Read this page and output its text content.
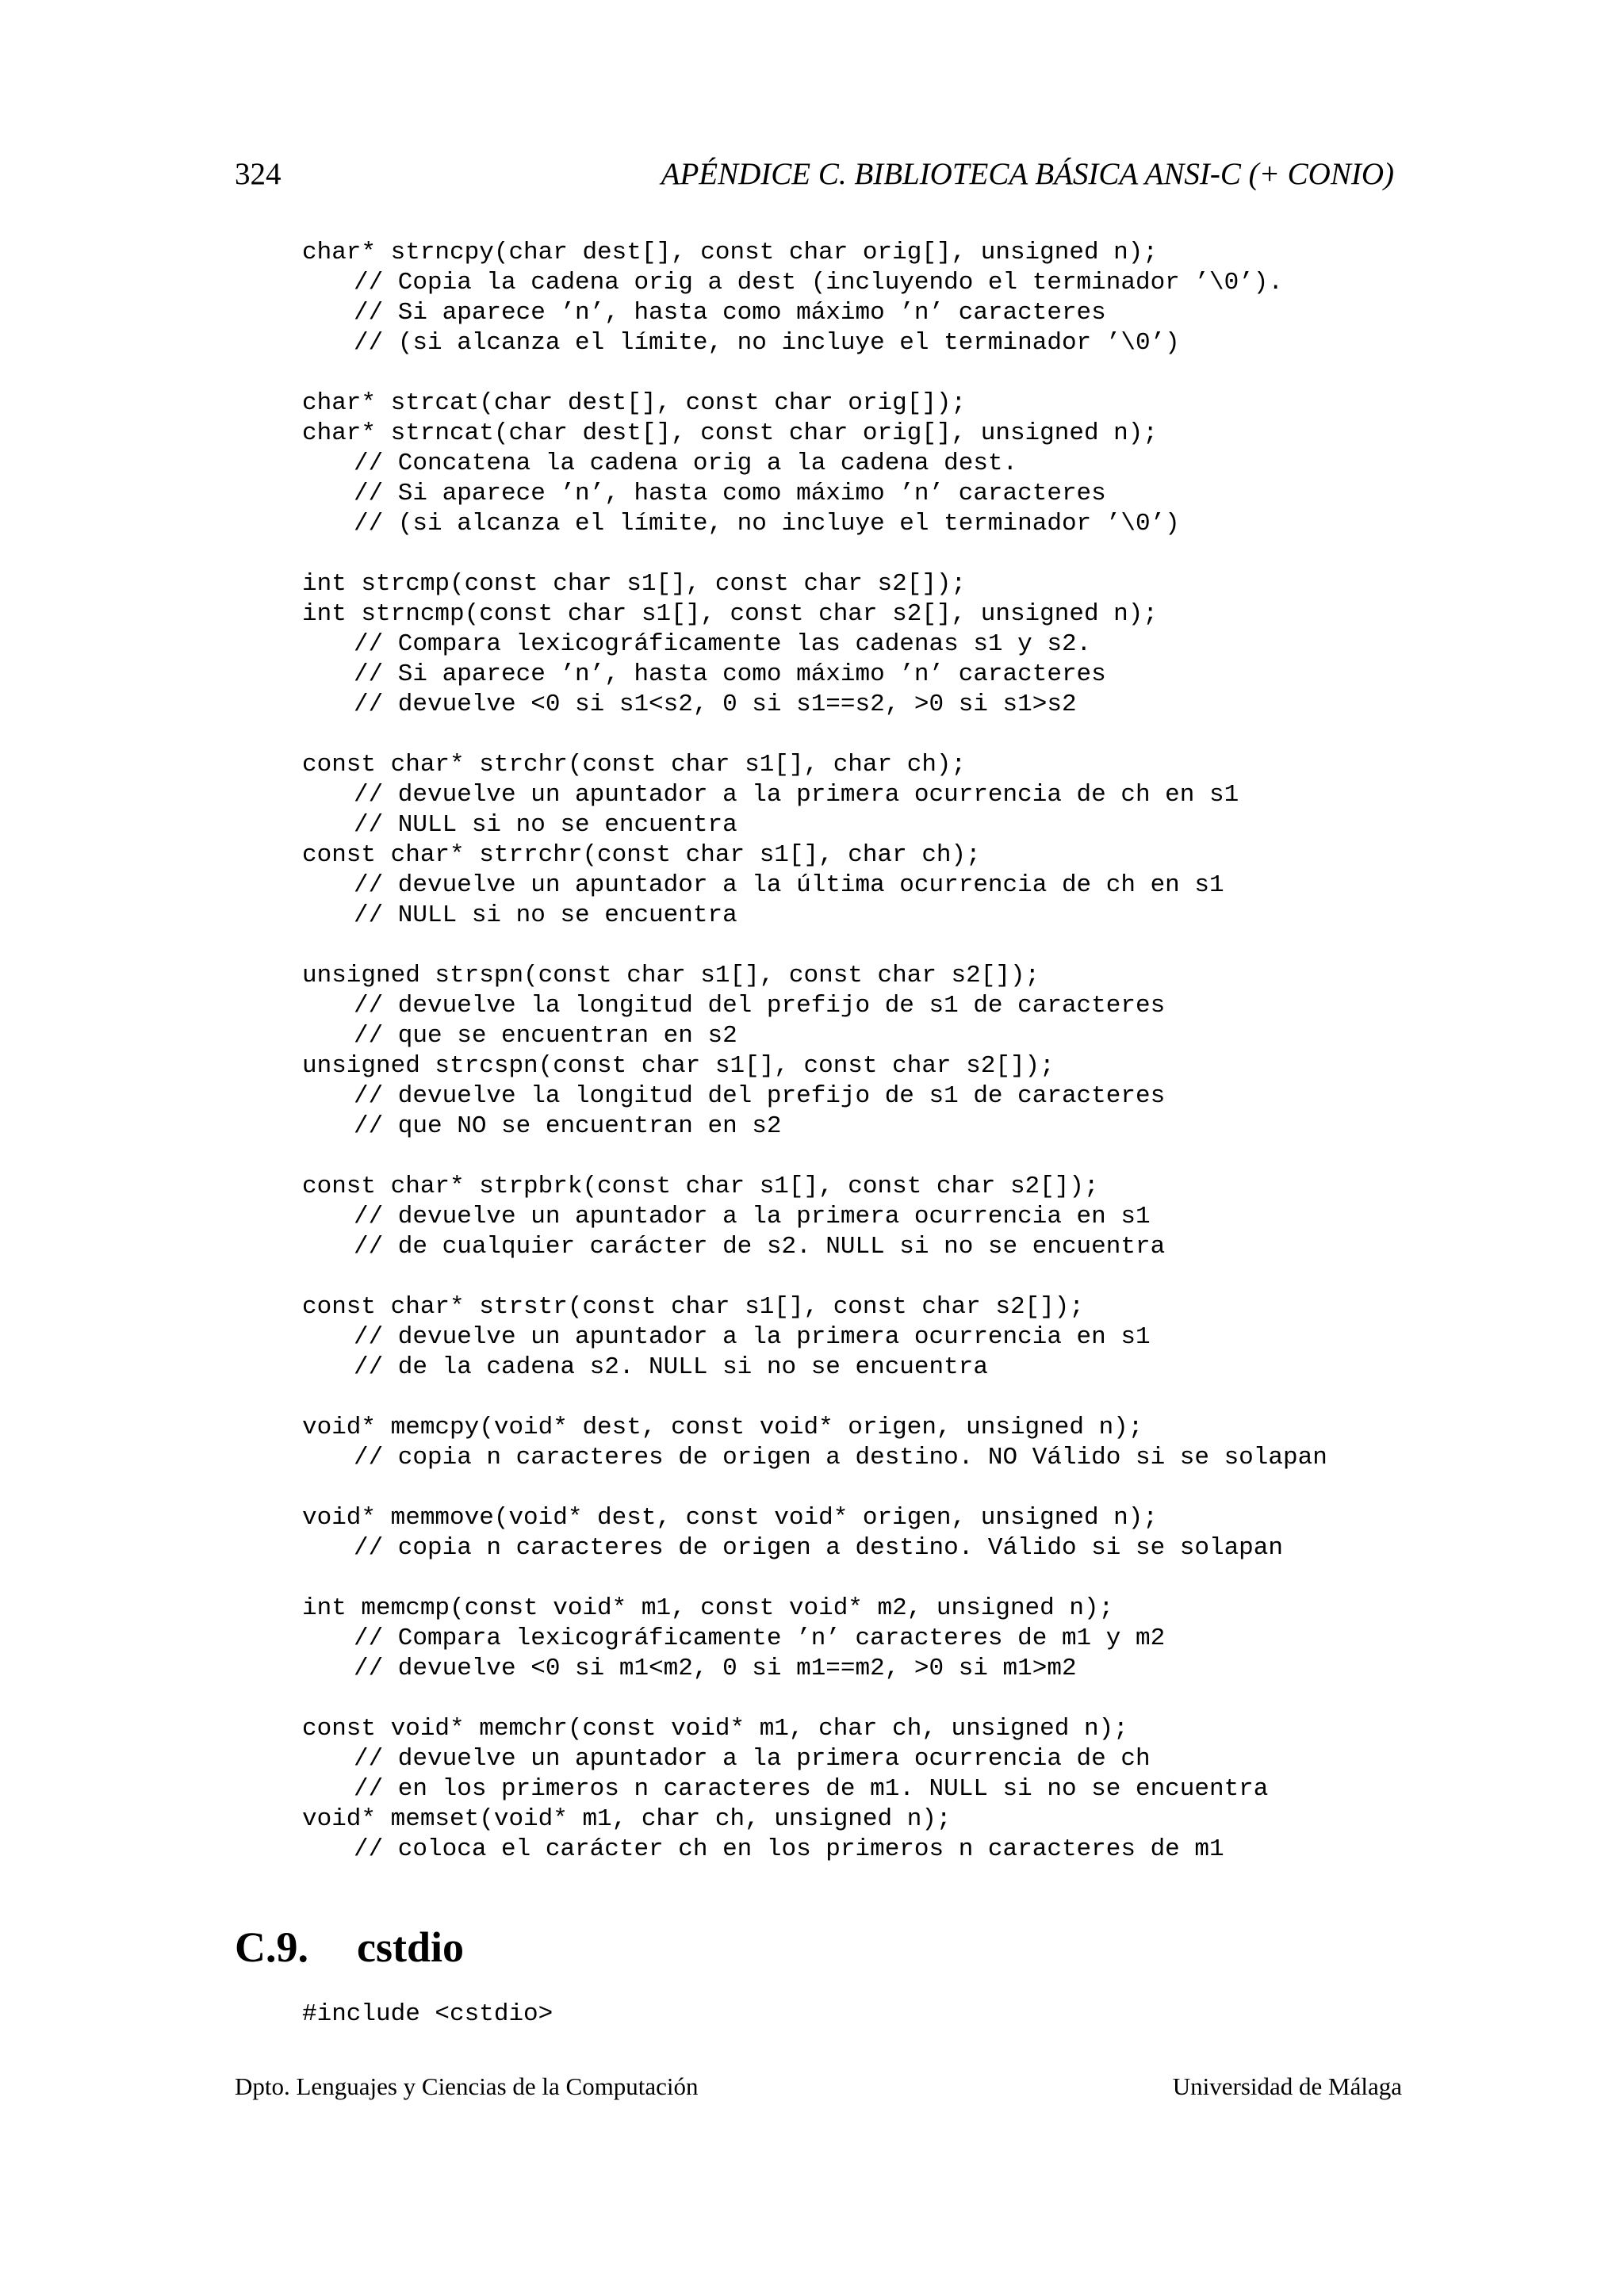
324	APÉNDICE C. BIBLIOTECA BÁSICA ANSI-C (+ CONIO)
char* strncpy(char dest[], const char orig[], unsigned n);
// Copia la cadena orig a dest (incluyendo el terminador ’\0’).
// Si aparece ’n’, hasta como máximo ’n’ caracteres
// (si alcanza el límite, no incluye el terminador ’\0’)
char* strcat(char dest[], const char orig[]);
char* strncat(char dest[], const char orig[], unsigned n);
// Concatena la cadena orig a la cadena dest.
// Si aparece ’n’, hasta como máximo ’n’ caracteres
// (si alcanza el límite, no incluye el terminador ’\0’)
int strcmp(const char s1[], const char s2[]);
int strncmp(const char s1[], const char s2[], unsigned n);
// Compara lexicográficamente las cadenas s1 y s2.
// Si aparece ’n’, hasta como máximo ’n’ caracteres
// devuelve <0 si s1<s2, 0 si s1==s2, >0 si s1>s2
const char* strchr(const char s1[], char ch);
// devuelve un apuntador a la primera ocurrencia de ch en s1
// NULL si no se encuentra
const char* strrchr(const char s1[], char ch);
// devuelve un apuntador a la última ocurrencia de ch en s1
// NULL si no se encuentra
unsigned strspn(const char s1[], const char s2[]);
// devuelve la longitud del prefijo de s1 de caracteres
// que se encuentran en s2
unsigned strcspn(const char s1[], const char s2[]);
// devuelve la longitud del prefijo de s1 de caracteres
// que NO se encuentran en s2
const char* strpbrk(const char s1[], const char s2[]);
// devuelve un apuntador a la primera ocurrencia en s1
// de cualquier carácter de s2. NULL si no se encuentra
const char* strstr(const char s1[], const char s2[]);
// devuelve un apuntador a la primera ocurrencia en s1
// de la cadena s2. NULL si no se encuentra
void* memcpy(void* dest, const void* origen, unsigned n);
// copia n caracteres de origen a destino. NO Válido si se solapan
void* memmove(void* dest, const void* origen, unsigned n);
// copia n caracteres de origen a destino. Válido si se solapan
int memcmp(const void* m1, const void* m2, unsigned n);
// Compara lexicográficamente ’n’ caracteres de m1 y m2
// devuelve <0 si m1<m2, 0 si m1==m2, >0 si m1>m2
const void* memchr(const void* m1, char ch, unsigned n);
// devuelve un apuntador a la primera ocurrencia de ch
// en los primeros n caracteres de m1. NULL si no se encuentra
void* memset(void* m1, char ch, unsigned n);
// coloca el carácter ch en los primeros n caracteres de m1
C.9. cstdio
#include <cstdio>
Dpto. Lenguajes y Ciencias de la Computación	Universidad de Málaga
